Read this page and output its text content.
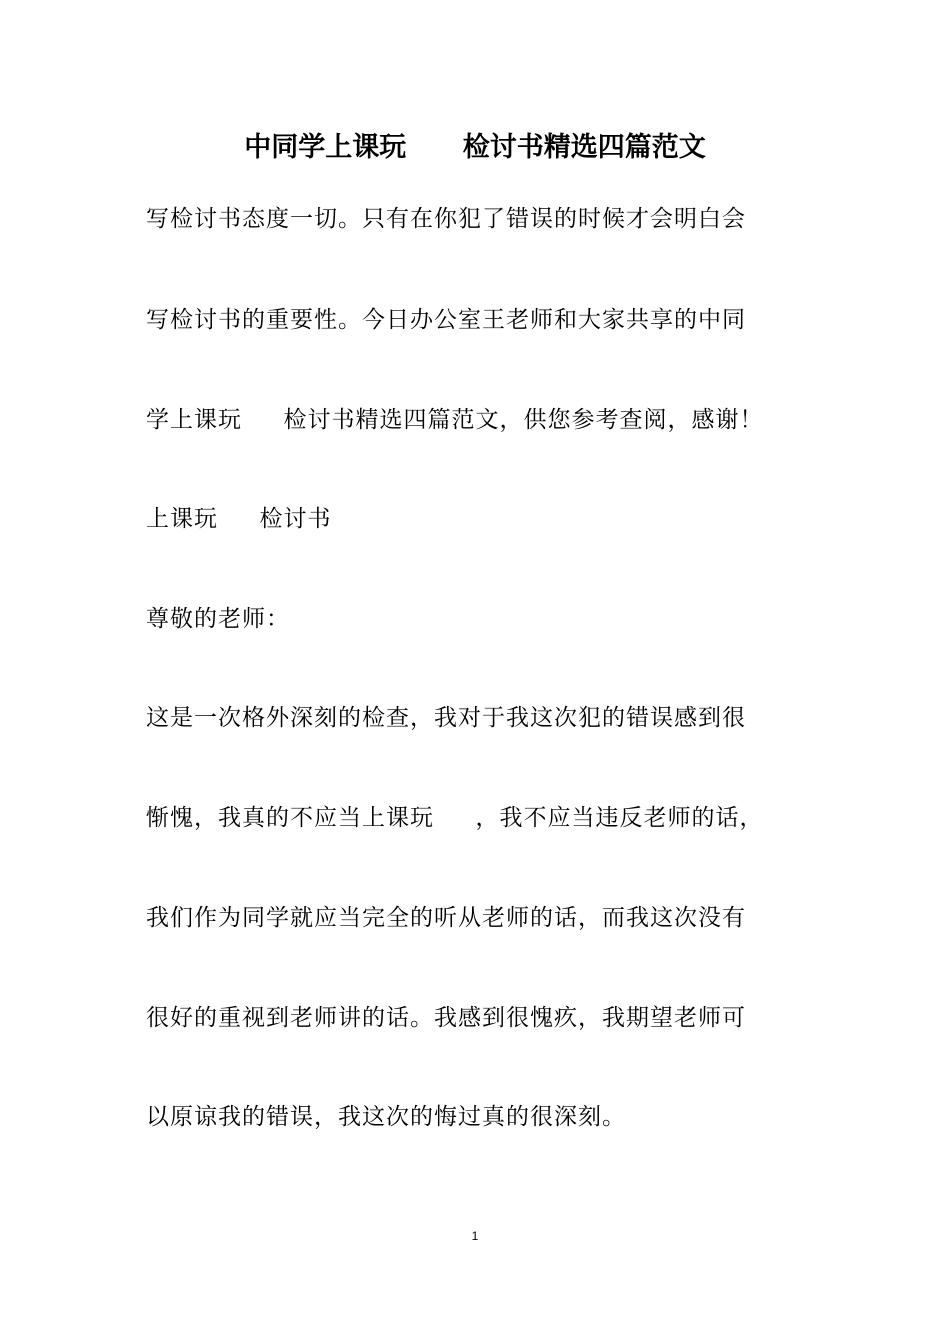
中同学上课玩      检讨书精选四篇范文

写检讨书态度一切。只有在你犯了错误的时候才会明白会

写检讨书的重要性。今日办公室王老师和大家共享的中同

学上课玩     检讨书精选四篇范文，供您参考查阅，感谢！

上课玩     检讨书

尊敬的老师：

这是一次格外深刻的检查，我对于我这次犯的错误感到很

惭愧，我真的不应当上课玩     ，我不应当违反老师的话，

我们作为同学就应当完全的听从老师的话，而我这次没有

很好的重视到老师讲的话。我感到很愧疚，我期望老师可

以原谅我的错误，我这次的悔过真的很深刻。

1
